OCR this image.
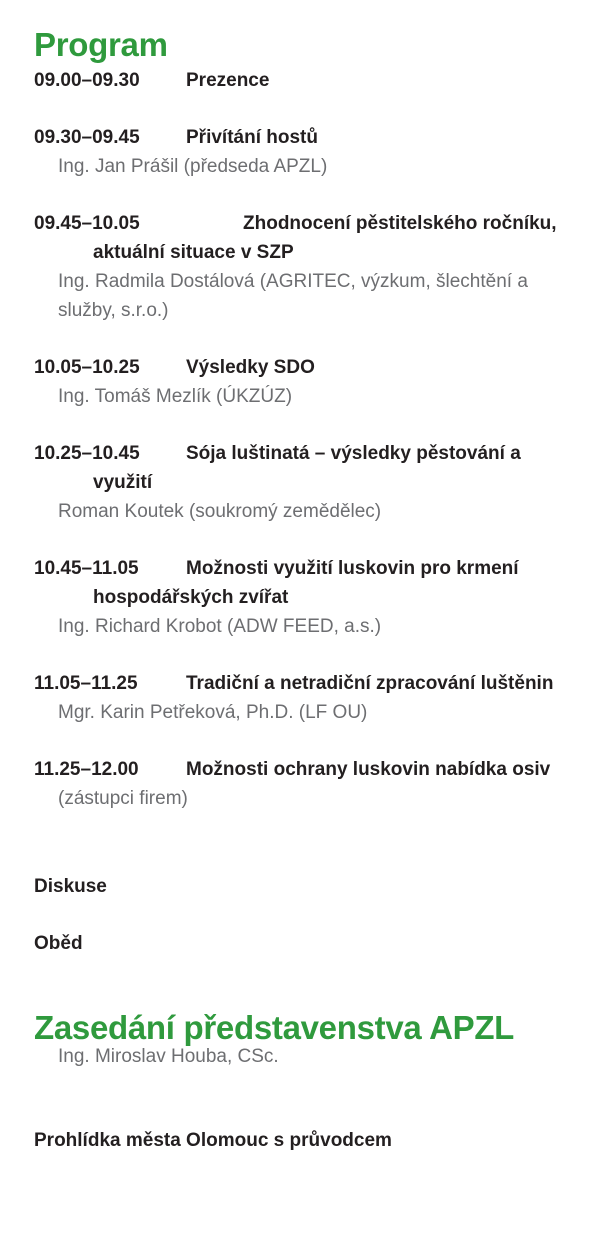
Program
09.00–09.30	Prezence

09.30–09.45	Přivítání hostů

Ing. Jan Prášil (předseda APZL)

09.45–10.05	Zhodnocení pěstitelského ročníku, aktuální situace v SZP

Ing. Radmila Dostálová (AGRITEC, výzkum, šlechtění a služby, s.r.o.)

10.05–10.25	Výsledky SDO

Ing. Tomáš Mezlík (ÚKZÚZ)

10.25–10.45	Sója luštinatá – výsledky pěstování a využití

Roman Koutek (soukromý zemědělec)

10.45–11.05	Možnosti využití luskovin pro krmení hospodářských zvířat

Ing. Richard Krobot (ADW FEED, a.s.)

11.05–11.25	Tradiční a netradiční zpracování luštěnin

Mgr. Karin Petřeková, Ph.D. (LF OU)

11.25–12.00	Možnosti ochrany luskovin nabídka osiv

(zástupci firem)

Diskuse

Oběd

Zasedání představenstva APZL

Ing. Miroslav Houba, CSc.

Prohlídka města Olomouc s průvodcem
